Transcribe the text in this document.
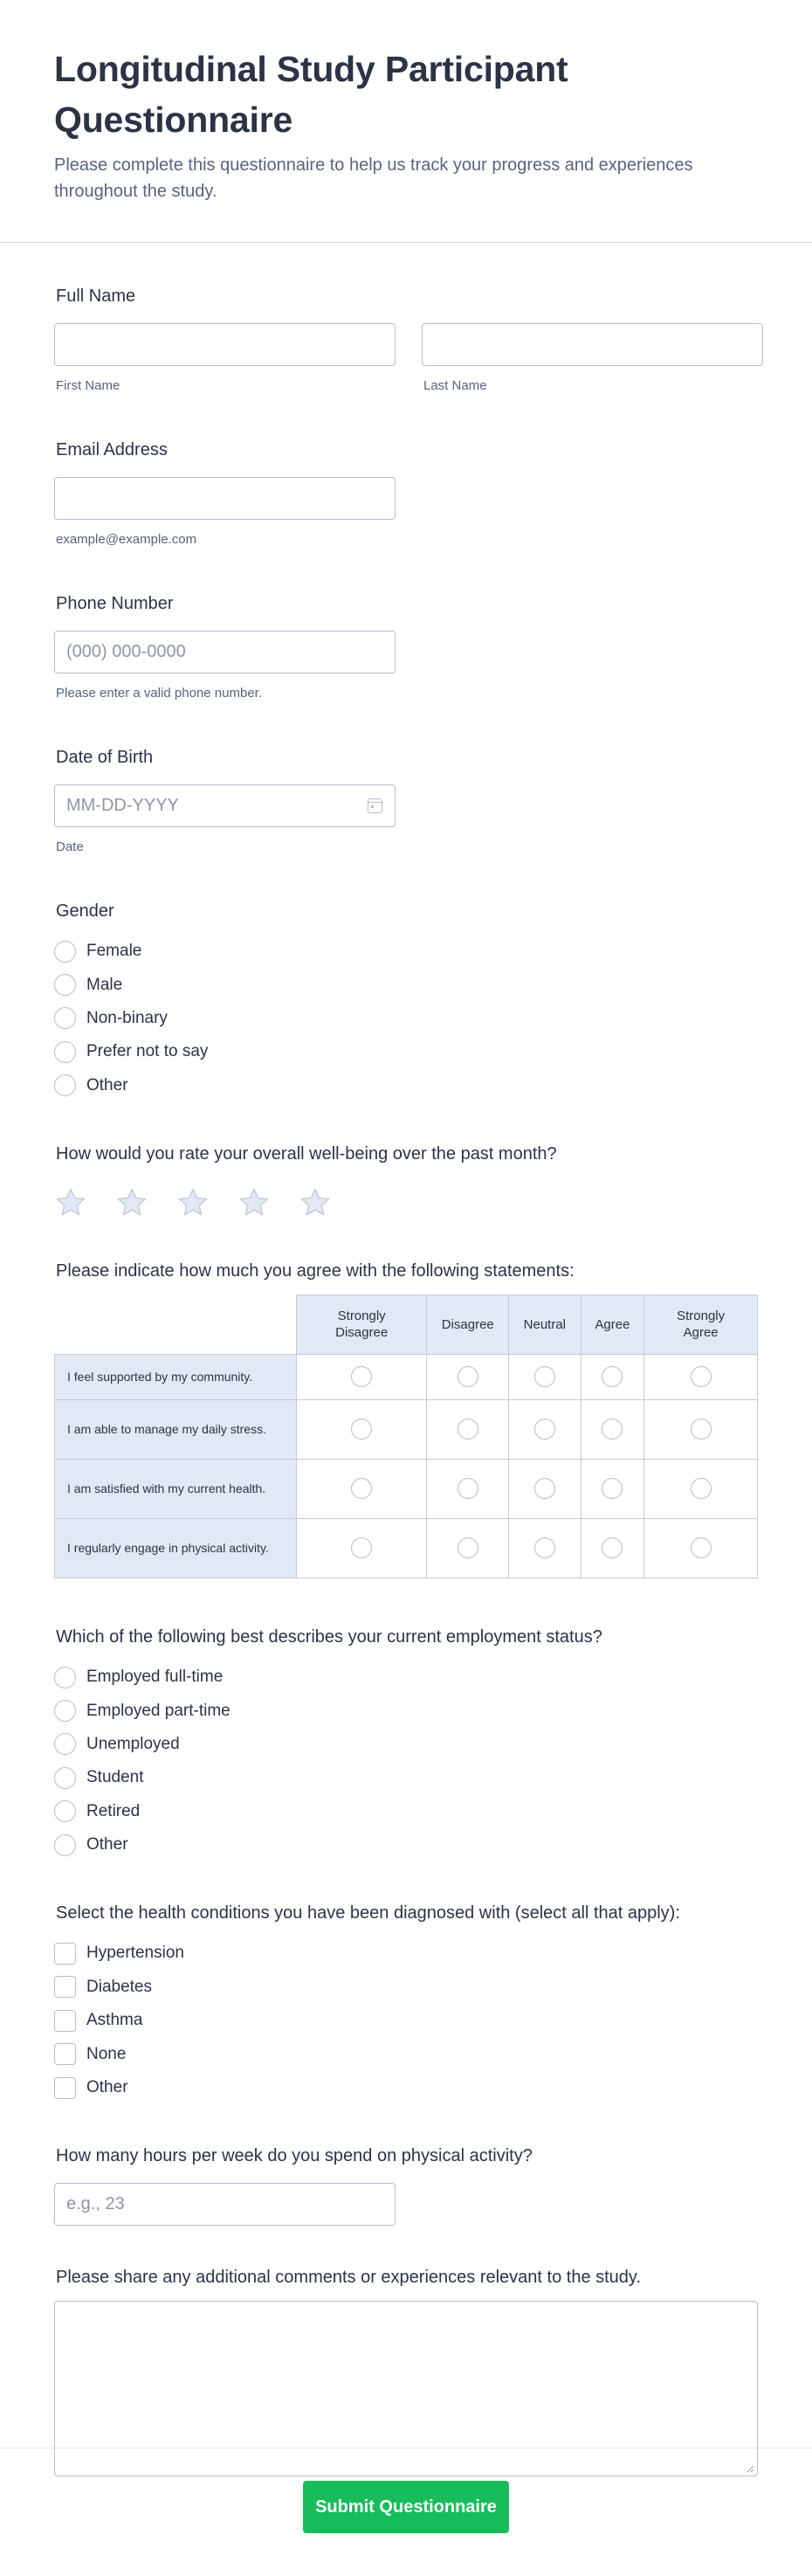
Longitudinal Study Participant Questionnaire

Please complete this questionnaire to help us track your progress and experiences throughout the study.

Full Name
First Name	Last Name
Email Address
example@example.com
Phone Number
(000) 000-0000
Please enter a valid phone number.
Date of Birth
MM-DD-YYYY
Date
Gender
Female
Male
Non-binary
Prefer not to say
Other
How would you rate your overall well-being over the past month?
Please indicate how much you agree with the following statements:
	Strongly Disagree	Disagree	Neutral	Agree	Strongly Agree
I feel supported by my community.					
I am able to manage my daily stress.					
I am satisfied with my current health.					
I regularly engage in physical activity.					
Which of the following best describes your current employment status?
Employed full-time
Employed part-time
Unemployed
Student
Retired
Other
Select the health conditions you have been diagnosed with (select all that apply):
Hypertension
Diabetes
Asthma
None
Other
How many hours per week do you spend on physical activity?
e.g., 23
Please share any additional comments or experiences relevant to the study.
Submit Questionnaire
